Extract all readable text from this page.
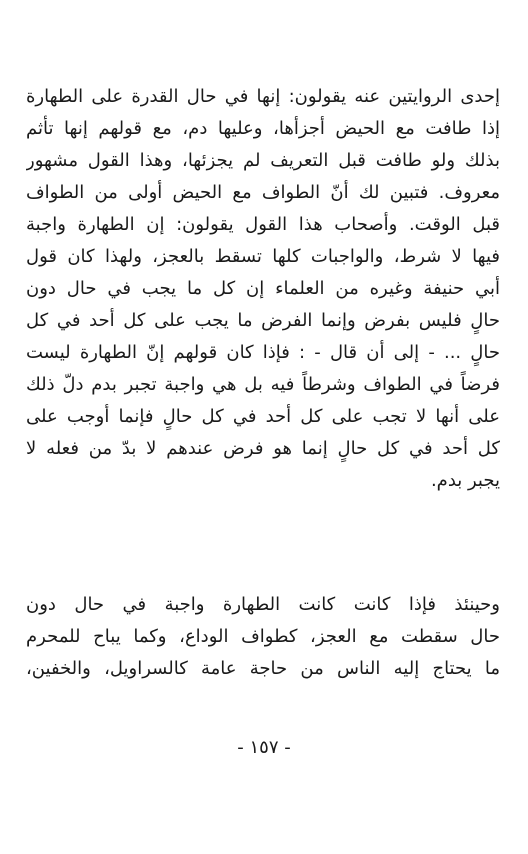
إحدى الروايتين عنه يقولون: إنها في حال القدرة على الطهارة
إذا طافت مع الحيض أجزأها، وعليها دم، مع قولهم إنها تأثم
بذلك ولو طافت قبل التعريف لم يجزئها، وهذا القول مشهور
معروف. فتبين لك أنّ الطواف مع الحيض أولى من الطواف
قبل الوقت. وأصحاب هذا القول يقولون: إن الطهارة واجبة
فيها لا شرط، والواجبات كلها تسقط بالعجز، ولهذا كان قول
أبي حنيفة وغيره من العلماء إن كل ما يجب في حال دون
حالٍ فليس بفرض وإنما الفرض ما يجب على كل أحد في كل
حالٍ ... - إلى أن قال - : فإذا كان قولهم إنّ الطهارة ليست
فرضاً في الطواف وشرطاً فيه بل هي واجبة تجبر بدم دلّ ذلك
على أنها لا تجب على كل أحد في كل حالٍ فإنما أوجب على
كل أحد في كل حالٍ إنما هو فرض عندهم لا بدّ من فعله لا
يجبر بدم.
وحينئذ فإذا كانت كانت الطهارة واجبة في حال دون
حال سقطت مع العجز، كطواف الوداع، وكما يباح للمحرم
ما يحتاج إليه الناس من حاجة عامة كالسراويل، والخفين،
- ١٥٧ -
